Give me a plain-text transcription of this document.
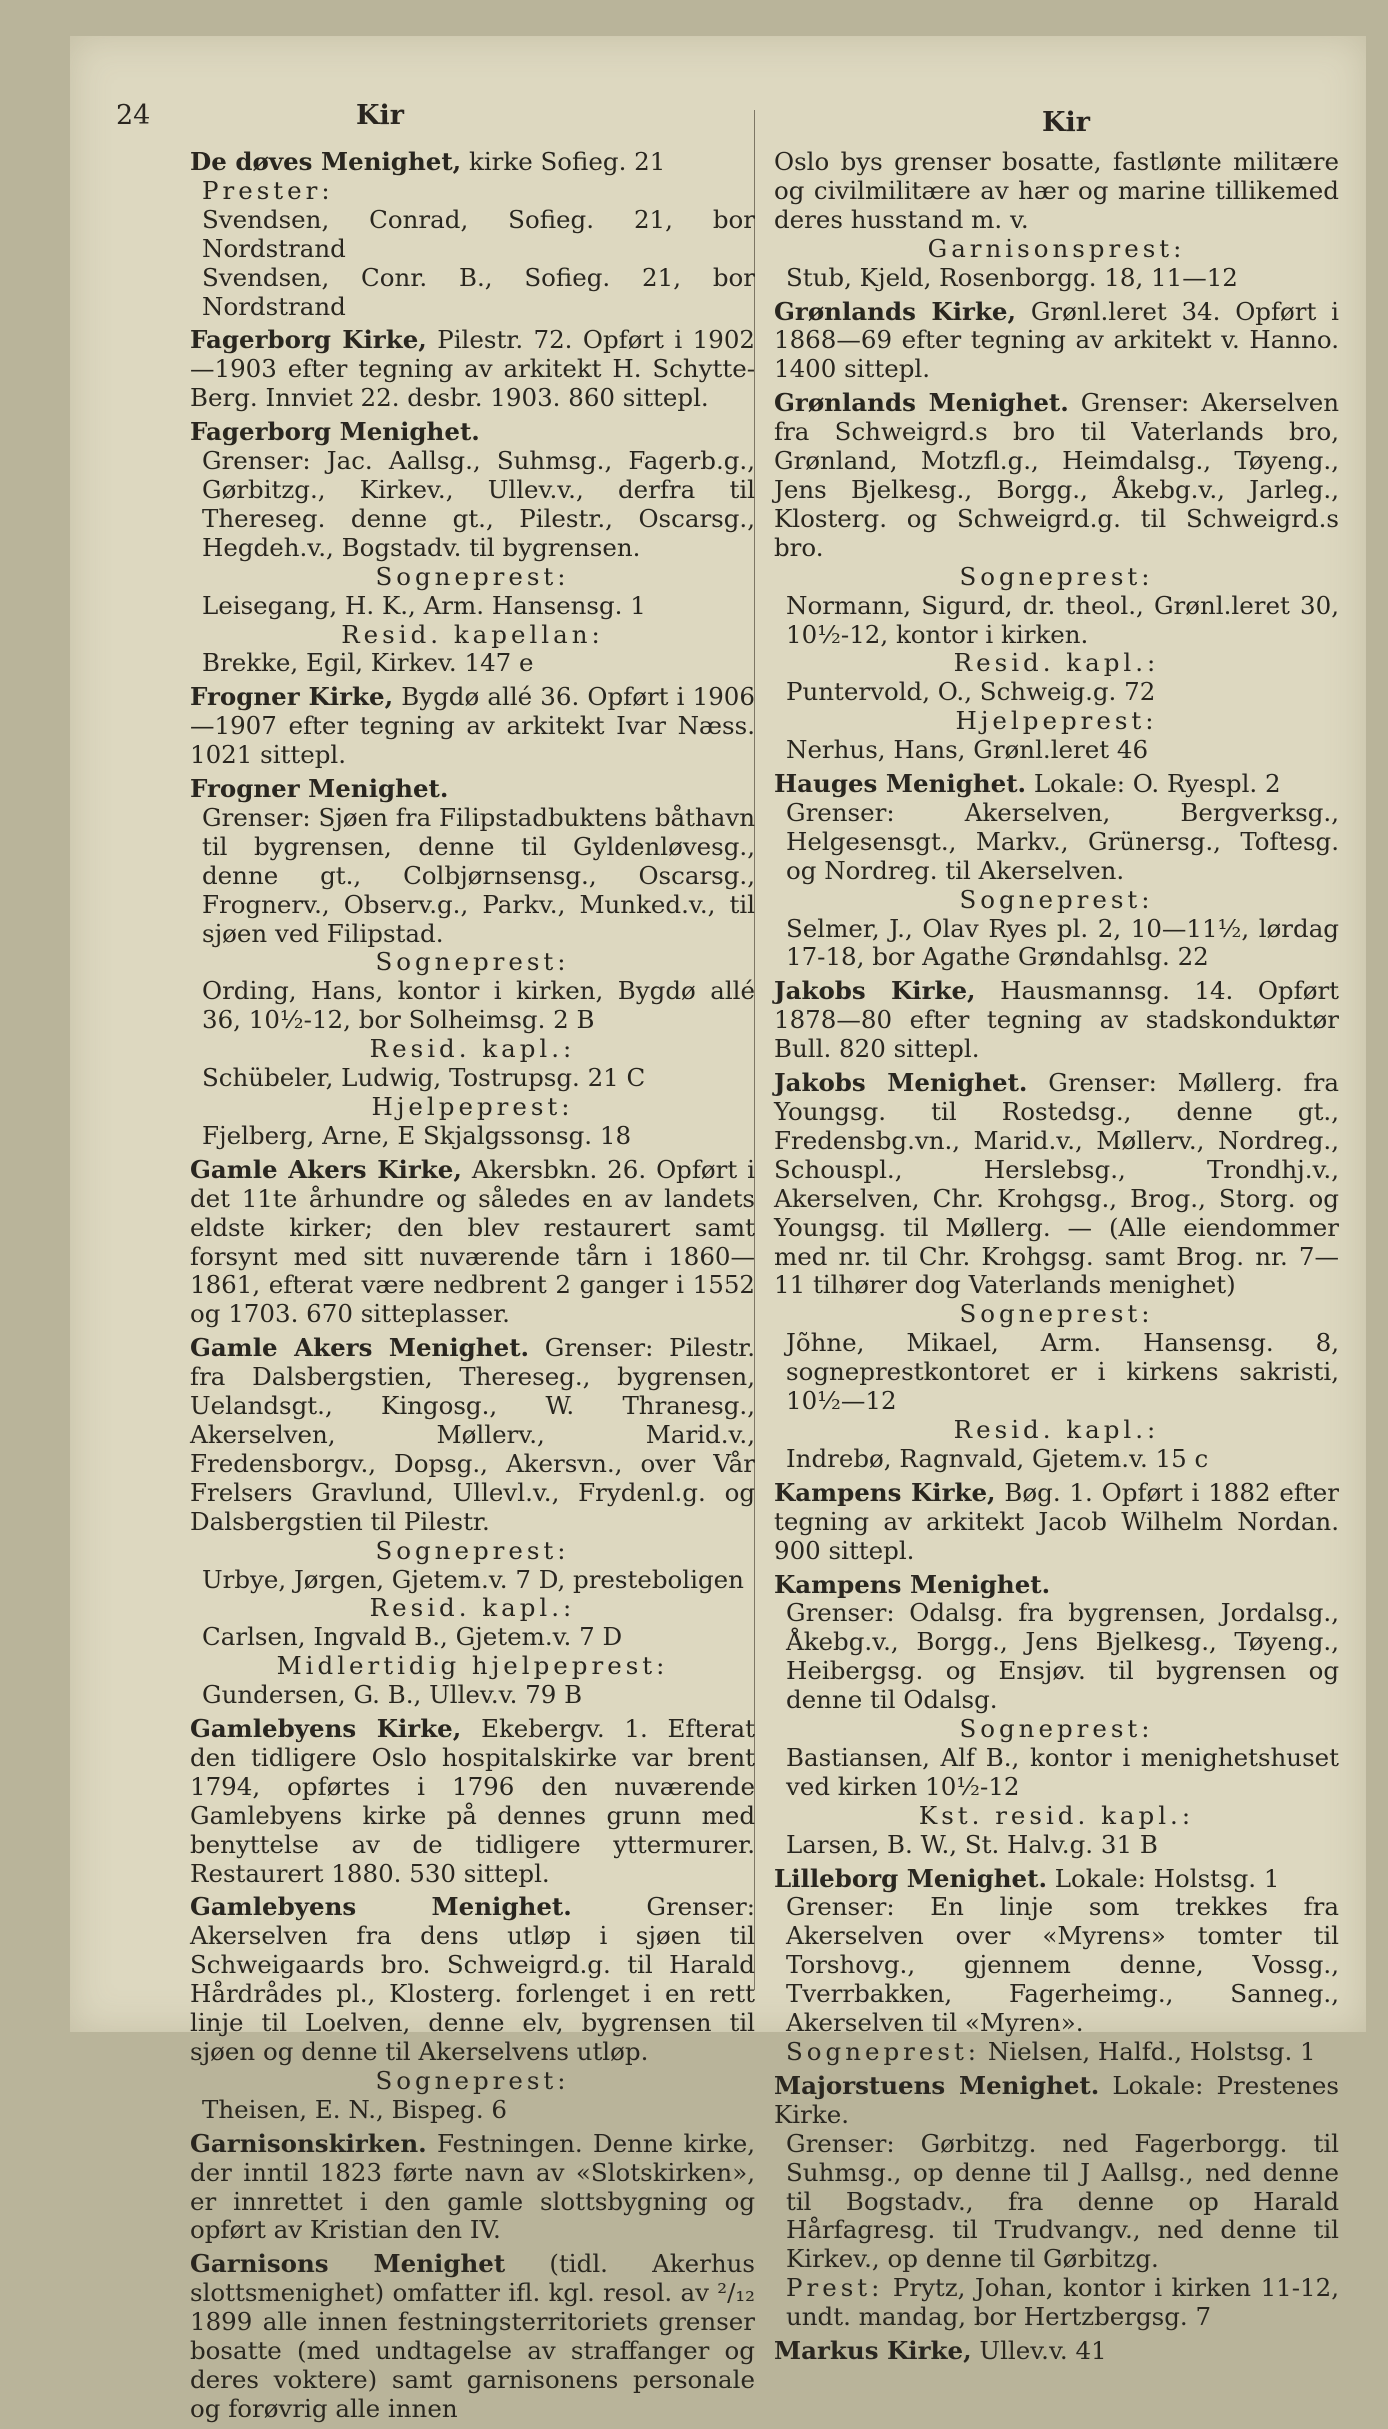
24	Kir	Kir
De døves Menighet, kirke Sofieg. 21
Prester:
Svendsen, Conrad, Sofieg. 21, bor Nordstrand
Svendsen, Conr. B., Sofieg. 21, bor Nordstrand
Fagerborg Kirke, Pilestr. 72. Opført i 1902—1903 efter tegning av arkitekt H. Schytte-Berg. Innviet 22. desbr. 1903. 860 sittepl.
Fagerborg Menighet.
Grenser: Jac. Aallsg., Suhmsg., Fagerb.g., Gørbitzg., Kirkev., Ullev.v., derfra til Thereseg. denne gt., Pilestr., Oscarsg., Hegdeh.v., Bogstadv. til bygrensen.
Sogneprest:
Leisegang, H. K., Arm. Hansensg. 1
Resid. kapellan:
Brekke, Egil, Kirkev. 147 e
Frogner Kirke, Bygdø allé 36. Opført i 1906—1907 efter tegning av arkitekt Ivar Næss. 1021 sittepl.
Frogner Menighet.
Grenser: Sjøen fra Filipstadbuktens båthavn til bygrensen, denne til Gyldenløvesg., denne gt., Colbjørnsensg., Oscarsg., Frognerv., Observ.g., Parkv., Munked.v., til sjøen ved Filipstad.
Sogneprest:
Ording, Hans, kontor i kirken, Bygdø allé 36, 10½-12, bor Solheimsg. 2 B
Resid. kapl.:
Schübeler, Ludwig, Tostrupsg. 21 C
Hjelpeprest:
Fjelberg, Arne, E Skjalgssonsg. 18
Gamle Akers Kirke, Akersbkn. 26. Opført i det 11te århundre og således en av landets eldste kirker; den blev restaurert samt forsynt med sitt nuværende tårn i 1860—1861, efterat være nedbrent 2 ganger i 1552 og 1703. 670 sitteplasser.
Gamle Akers Menighet. Grenser: Pilestr. fra Dalsbergstien, Thereseg., bygrensen, Uelandsgt., Kingosg., W. Thranesg., Akerselven, Møllerv., Marid.v., Fredensborgv., Dopsg., Akersvn., over Vår Frelsers Gravlund, Ullevl.v., Frydenl.g. og Dalsbergstien til Pilestr.
Sogneprest:
Urbye, Jørgen, Gjetem.v. 7 D, presteboligen
Resid. kapl.:
Carlsen, Ingvald B., Gjetem.v. 7 D
Midlertidig hjelpeprest:
Gundersen, G. B., Ullev.v. 79 B
Gamlebyens Kirke, Ekebergv. 1. Efterat den tidligere Oslo hospitalskirke var brent 1794, opførtes i 1796 den nuværende Gamlebyens kirke på dennes grunn med benyttelse av de tidligere yttermurer. Restaurert 1880. 530 sittepl.
Gamlebyens Menighet.	Grenser: Akerselven fra dens utløp i sjøen til Schweigaards bro. Schweigrd.g. til Harald Hårdrådes pl., Klosterg. forlenget i en rett linje til Loelven, denne elv, bygrensen til sjøen og denne til Akerselvens utløp.
Sogneprest:
Theisen, E. N., Bispeg. 6
Garnisonskirken. Festningen. Denne kirke, der inntil 1823 førte navn av «Slotskirken», er innrettet i den gamle slottsbygning og opført av Kristian den IV.
Garnisons Menighet (tidl. Akerhus slottsmenighet) omfatter ifl. kgl. resol. av ²/₁₂ 1899 alle innen festningsterritoriets grenser bosatte (med undtagelse av straffanger og deres voktere) samt garnisonens personale og forøvrig alle innen
Oslo bys grenser bosatte, fastlønte militære og civilmilitære av hær og marine tillikemed deres husstand m. v.
Garnisonsprest:
Stub, Kjeld, Rosenborgg. 18, 11—12
Grønlands Kirke, Grønl.leret 34. Opført i 1868—69 efter tegning av arkitekt v. Hanno. 1400 sittepl.
Grønlands Menighet. Grenser: Akerselven fra Schweigrd.s bro til Vaterlands bro, Grønland, Motzfl.g., Heimdalsg., Tøyeng., Jens Bjelkesg., Borgg., Åkebg.v., Jarleg., Klosterg. og Schweigrd.g. til Schweigrd.s bro.
Sogneprest:
Normann, Sigurd, dr. theol., Grønl.leret 30, 10½-12, kontor i kirken.
Resid. kapl.:
Puntervold, O., Schweig.g. 72
Hjelpeprest:
Nerhus, Hans, Grønl.leret 46
Hauges Menighet. Lokale: O. Ryespl. 2
Grenser: Akerselven, Bergverksg., Helgesensgt., Markv., Grünersg., Toftesg. og Nordreg. til Akerselven.
Sogneprest:
Selmer, J., Olav Ryes pl. 2, 10—11½, lørdag 17-18, bor Agathe Grøndahlsg. 22
Jakobs Kirke, Hausmannsg. 14. Opført 1878—80 efter tegning av stadskonduktør Bull. 820 sittepl.
Jakobs Menighet. Grenser: Møllerg. fra Youngsg. til Rostedsg., denne gt., Fredensbg.vn., Marid.v., Møllerv., Nordreg., Schouspl., Herslebsg., Trondhj.v., Akerselven, Chr. Krohgsg., Brog., Storg. og Youngsg. til Møllerg. — (Alle eiendommer med nr. til Chr. Krohgsg. samt Brog. nr. 7—11 tilhører dog Vaterlands menighet)
Sogneprest:
Jõhne, Mikael, Arm. Hansensg. 8, sogneprestkontoret er i kirkens sakristi, 10½—12
Resid. kapl.:
Indrebø, Ragnvald, Gjetem.v. 15 c
Kampens Kirke, Bøg. 1. Opført i 1882 efter tegning av arkitekt Jacob Wilhelm Nordan. 900 sittepl.
Kampens Menighet.
Grenser: Odalsg. fra bygrensen, Jordalsg., Åkebg.v., Borgg., Jens Bjelkesg., Tøyeng., Heibergsg. og Ensjøv. til bygrensen og denne til Odalsg.
Sogneprest:
Bastiansen, Alf B., kontor i menighetshuset ved kirken 10½-12
Kst. resid. kapl.:
Larsen, B. W., St. Halv.g. 31 B
Lilleborg Menighet. Lokale: Holstsg. 1
Grenser: En linje som trekkes fra Akerselven over «Myrens» tomter til Torshovg., gjennem denne, Vossg., Tverrbakken, Fagerheimg., Sanneg., Akerselven til «Myren».
Sogneprest: Nielsen, Halfd., Holstsg. 1
Majorstuens Menighet. Lokale: Prestenes Kirke.
Grenser: Gørbitzg. ned Fagerborgg. til Suhmsg., op denne til J Aallsg., ned denne til Bogstadv., fra denne op Harald Hårfagresg. til Trudvangv., ned denne til Kirkev., op denne til Gørbitzg.
Prest: Prytz, Johan, kontor i kirken 11-12, undt. mandag, bor Hertzbergsg. 7
Markus Kirke, Ullev.v. 41
